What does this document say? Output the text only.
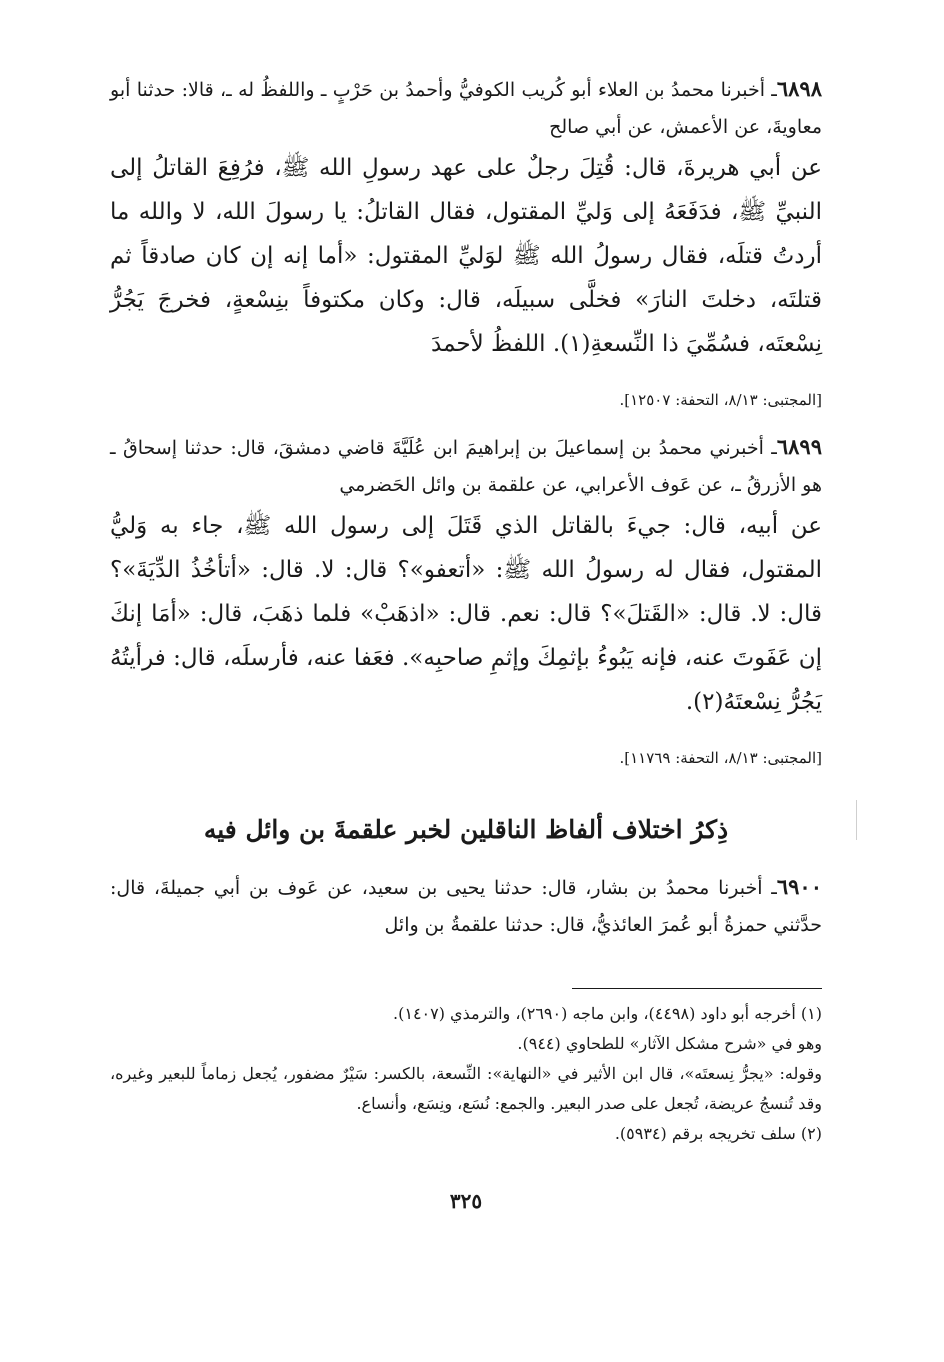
٦٨٩٨ـ أخبرنا محمدُ بن العلاء أبو كُريب الكوفيُّ وأحمدُ بن حَرْبٍ ـ واللفظُ له ـ، قالا: حدثنا أبو معاويةَ، عن الأعمش، عن أبي صالح

عن أبي هريرةَ، قال: قُتِلَ رجلٌ على عهد رسولِ الله ﷺ، فرُفِعَ القاتلُ إلى النبيِّ ﷺ، فدَفَعَهُ إلى وَليِّ المقتول، فقال القاتلُ: يا رسولَ الله، لا والله ما أردتُ قتلَه، فقال رسولُ الله ﷺ لوَليِّ المقتول: «أما إنه إن كان صادقاً ثم قتلتَه، دخلتَ النارَ» فخلَّى سبيلَه، قال: وكان مكتوفاً بنِسْعةٍ، فخرجَ يَجُرُّ نِسْعتَه، فسُمِّيَ ذا النِّسعةِ(١). اللفظُ لأحمدَ

[المجتبى: ٨/١٣، التحفة: ١٢٥٠٧].

٦٨٩٩ـ أخبرني محمدُ بن إسماعيلَ بن إبراهيمَ ابن عُلَيَّةَ قاضي دمشقَ، قال: حدثنا إسحاقُ ـ هو الأزرقُ ـ، عن عَوف الأعرابي، عن علقمة بن وائل الحَضرمي

عن أبيه، قال: جيءَ بالقاتل الذي قَتَلَ إلى رسول الله ﷺ، جاء به وَليُّ المقتول، فقال له رسولُ الله ﷺ: «أتعفو»؟ قال: لا. قال: «أتأخُذُ الدِّيَةَ»؟ قال: لا. قال: «القَتلَ»؟ قال: نعم. قال: «اذهَبْ» فلما ذهَبَ، قال: «أمَا إنكَ إن عَفَوتَ عنه، فإنه يَبُوءُ بإثمِكَ وإثمِ صاحبِه». فعَفا عنه، فأرسلَه، قال: فرأيتُهُ يَجُرُّ نِسْعتَهُ(٢).

[المجتبى: ٨/١٣، التحفة: ١١٧٦٩].

ذِكرُ اختلاف ألفاظ الناقلين لخبر علقمةَ بن وائل فيه

٦٩٠٠ـ أخبرنا محمدُ بن بشار، قال: حدثنا يحيى بن سعيد، عن عَوف بن أبي جميلةَ، قال: حدَّثني حمزةُ أبو عُمرَ العائذيُّ، قال: حدثنا علقمةُ بن وائل

(١) أخرجه أبو داود (٤٤٩٨)، وابن ماجه (٢٦٩٠)، والترمذي (١٤٠٧).

وهو في «شرح مشكل الآثار» للطحاوي (٩٤٤).

وقوله: «يجرُّ نِسعتَه»، قال ابن الأثير في «النهاية»: النِّسعة، بالكسر: سَيْرٌ مضفور، يُجعل زماماً للبعير وغيره، وقد تُنسجُ عريضة، تُجعل على صدر البعير. والجمع: نُسَع، ونِسَع، وأنساع.

(٢) سلف تخريجه برقم (٥٩٣٤).

٣٢٥
